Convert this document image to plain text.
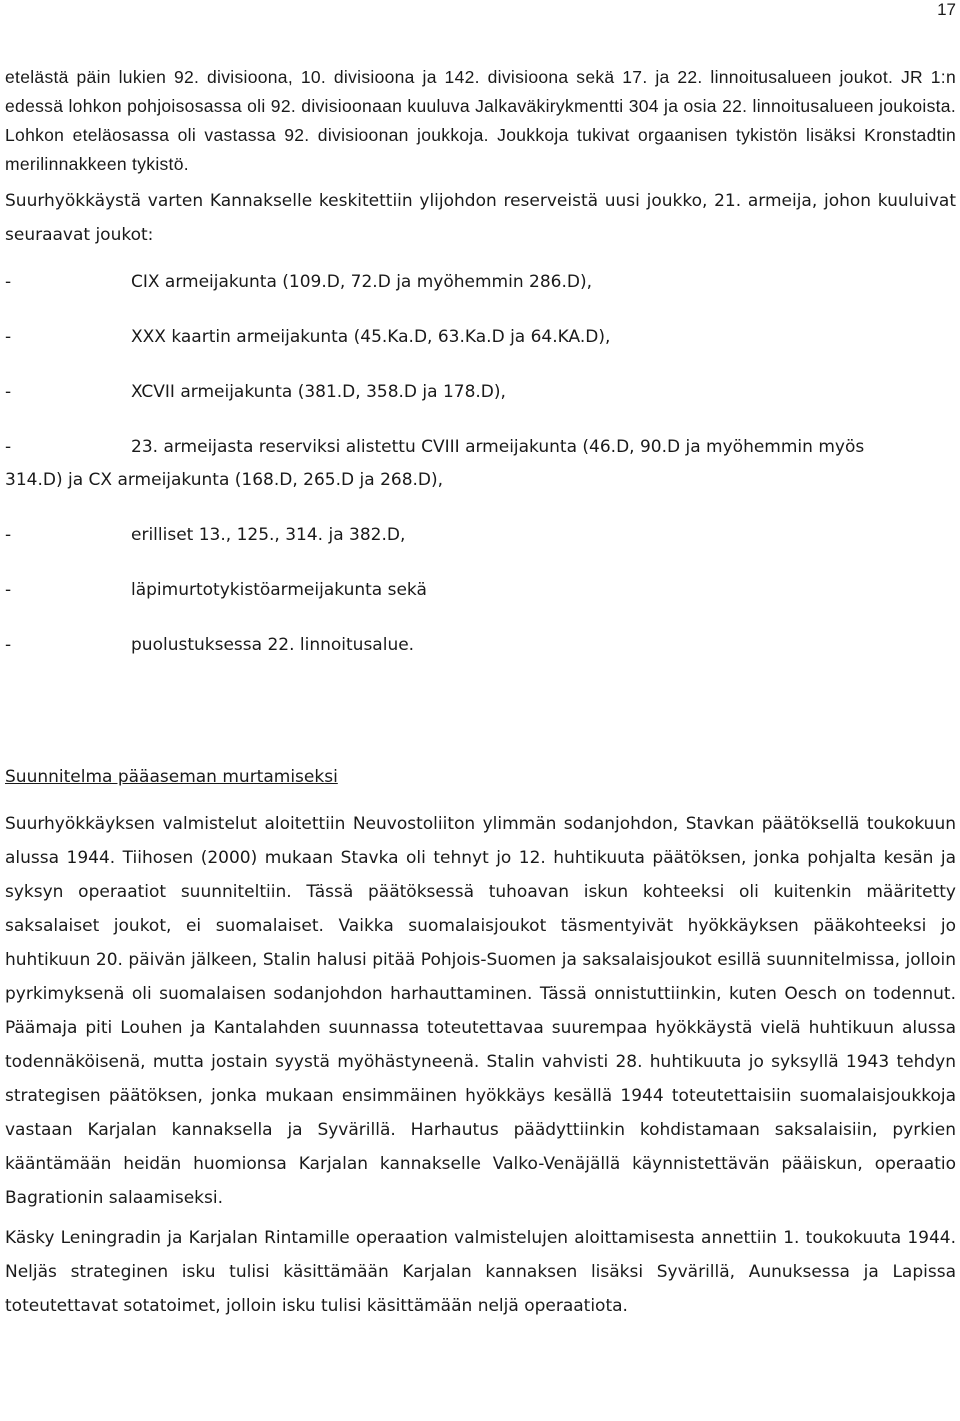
17

etelästä päin lukien 92. divisioona, 10. divisioona ja 142. divisioona sekä 17. ja 22. linnoitusalueen joukot. JR 1:n edessä lohkon pohjoisosassa oli 92. divisioonaan kuuluva Jalkaväkirykmentti 304 ja osia 22. linnoitusalueen joukoista. Lohkon eteläosassa oli vastassa 92. divisioonan joukkoja. Joukkoja tukivat orgaanisen tykistön lisäksi Kronstadtin merilinnakkeen tykistö.

Suurhyökkäystä varten Kannakselle keskitettiin ylijohdon reserveistä uusi joukko, 21. armeija, johon kuuluivat seuraavat joukot:

-	CIX armeijakunta (109.D, 72.D ja myöhemmin 286.D),
-	XXX kaartin armeijakunta (45.Ka.D, 63.Ka.D ja 64.KA.D),
-	XCVII armeijakunta (381.D, 358.D ja 178.D),
-	23. armeijasta reserviksi alistettu CVIII armeijakunta (46.D, 90.D ja myöhemmin myös
314.D) ja CX armeijakunta (168.D, 265.D ja 268.D),
-	erilliset 13., 125., 314. ja 382.D,
-	läpimurtotykistöarmeijakunta sekä
-	puolustuksessa 22. linnoitusalue.
Suunnitelma pääaseman murtamiseksi

Suurhyökkäyksen valmistelut aloitettiin Neuvostoliiton ylimmän sodanjohdon, Stavkan päätöksellä toukokuun alussa 1944. Tiihosen (2000) mukaan Stavka oli tehnyt jo 12. huhtikuuta päätöksen, jonka pohjalta kesän ja syksyn operaatiot suunniteltiin. Tässä päätöksessä tuhoavan iskun kohteeksi oli kuitenkin määritetty saksalaiset joukot, ei suomalaiset. Vaikka suomalaisjoukot täsmentyivät hyökkäyksen pääkohteeksi jo huhtikuun 20. päivän jälkeen, Stalin halusi pitää Pohjois-Suomen ja saksalaisjoukot esillä suunnitelmissa, jolloin pyrkimyksenä oli suomalaisen sodanjohdon harhauttaminen. Tässä onnistuttiinkin, kuten Oesch on todennut. Päämaja piti Louhen ja Kantalahden suunnassa toteutettavaa suurempaa hyökkäystä vielä huhtikuun alussa todennäköisenä, mutta jostain syystä myöhästyneenä. Stalin vahvisti 28. huhtikuuta jo syksyllä 1943 tehdyn strategisen päätöksen, jonka mukaan ensimmäinen hyökkäys kesällä 1944 toteutettaisiin suomalaisjoukkoja vastaan Karjalan kannaksella ja Syvärillä. Harhautus päädyttiinkin kohdistamaan saksalaisiin, pyrkien kääntämään heidän huomionsa Karjalan kannakselle Valko-Venäjällä käynnistettävän pääiskun, operaatio Bagrationin salaamiseksi.

Käsky Leningradin ja Karjalan Rintamille operaation valmistelujen aloittamisesta annettiin 1. toukokuuta 1944. Neljäs strateginen isku tulisi käsittämään Karjalan kannaksen lisäksi Syvärillä, Aunuksessa ja Lapissa toteutettavat sotatoimet, jolloin isku tulisi käsittämään neljä operaatiota.
